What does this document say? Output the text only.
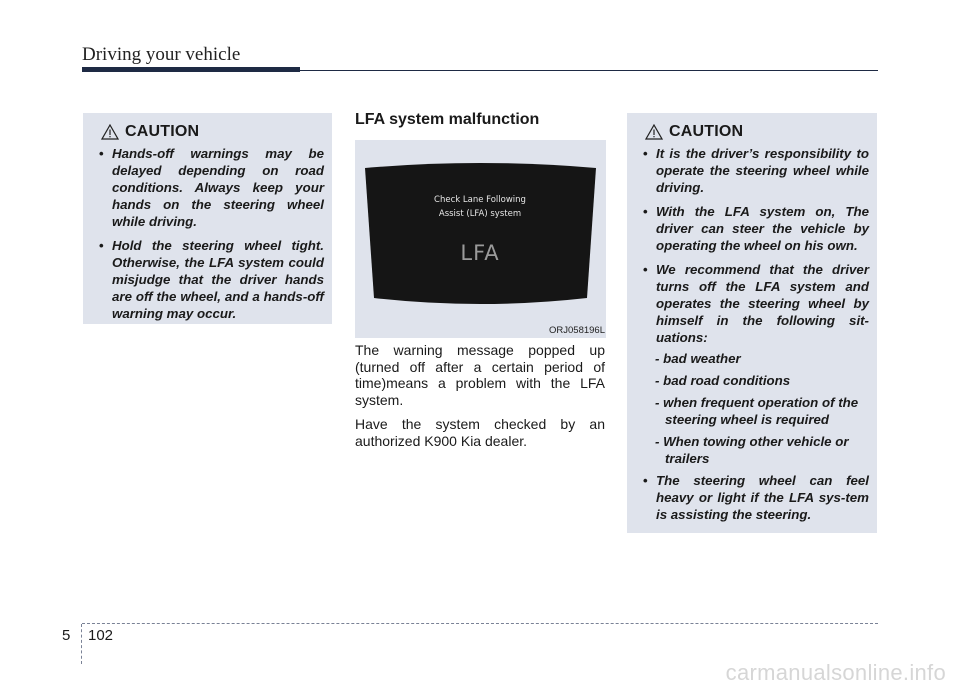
Driving your vehicle
CAUTION
• Hands-off warnings may be delayed depending on road conditions. Always keep your hands on the steering wheel while driving.
• Hold the steering wheel tight. Otherwise, the LFA system could misjudge that the driver hands are off the wheel, and a hands-off warning may occur.
LFA system malfunction
Check Lane Following
Assist (LFA) system
LFA
ORJ058196L

The warning message popped up (turned off after a certain period of time)means a problem with the LFA system.

Have the system checked by an authorized K900 Kia dealer.

CAUTION
• It is the driver’s responsibility to operate the steering wheel while driving.
• With the LFA system on, The driver can steer the vehicle by operating the wheel on his own.
• We recommend that the driver turns off the LFA system and operates the steering wheel by himself in the following sit-uations:
- bad weather
- bad road conditions
- when frequent operation of the steering wheel is required
- When towing other vehicle or trailers
• The steering wheel can feel heavy or light if the LFA sys-tem is assisting the steering.
5 102
carmanualsonline.info
